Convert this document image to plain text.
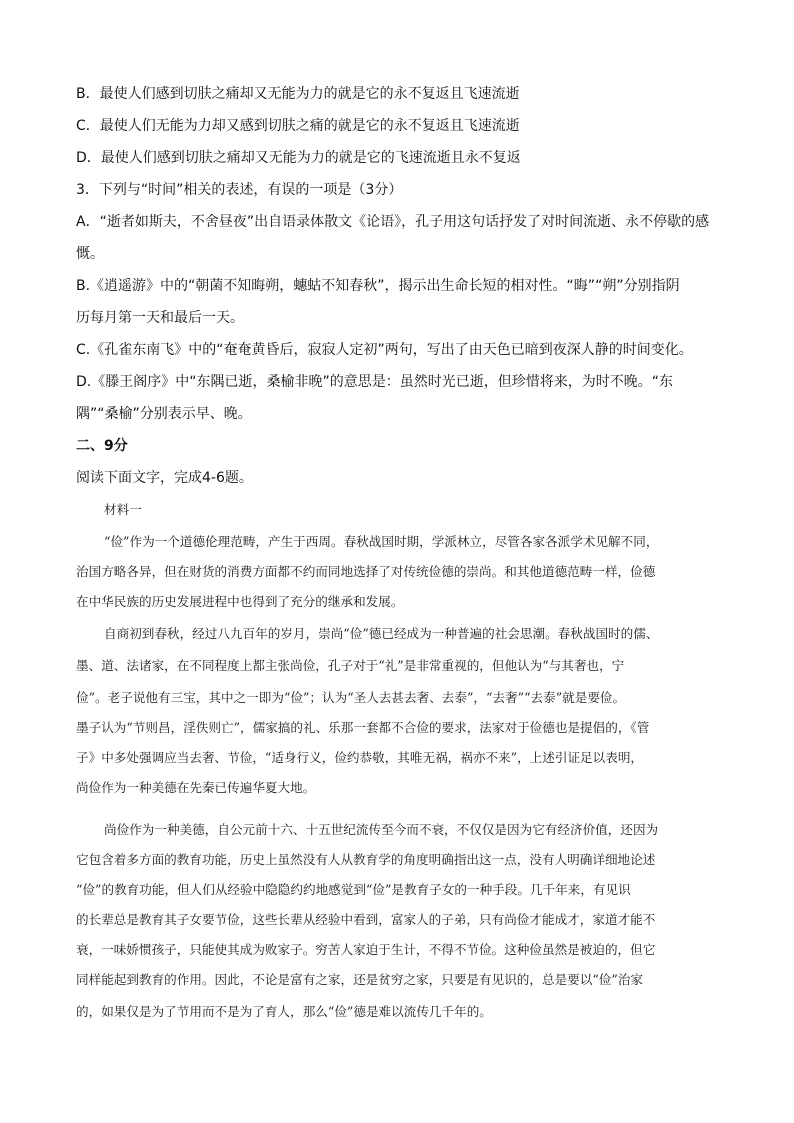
B．最使人们感到切肤之痛却又无能为力的就是它的永不复返且飞速流逝
C．最使人们无能为力却又感到切肤之痛的就是它的永不复返且飞速流逝
D．最使人们感到切肤之痛却又无能为力的就是它的飞速流逝且永不复返
3．下列与“时间”相关的表述，有误的一项是（3分）
A．“逝者如斯夫，不舍昼夜”出自语录体散文《论语》，孔子用这句话抒发了对时间流逝、永不停歇的感
慨。
B.《逍遥游》中的“朝菌不知晦朔，蟪蛄不知春秋”，揭示出生命长短的相对性。“晦”“朔”分别指阴
历每月第一天和最后一天。
C.《孔雀东南飞》中的“奄奄黄昏后，寂寂人定初”两句，写出了由天色已暗到夜深人静的时间变化。
D.《滕王阁序》中“东隅已逝，桑榆非晚”的意思是：虽然时光已逝，但珍惜将来，为时不晚。“东
隅”“桑榆”分别表示早、晚。
二、9分
阅读下面文字，完成4-6题。
材料一
“俭”作为一个道德伦理范畴，产生于西周。春秋战国时期，学派林立，尽管各家各派学术见解不同，
治国方略各异，但在财货的消费方面都不约而同地选择了对传统俭德的崇尚。和其他道德范畴一样，俭德
在中华民族的历史发展进程中也得到了充分的继承和发展。
自商初到春秋，经过八九百年的岁月，崇尚“俭”德已经成为一种普遍的社会思潮。春秋战国时的儒、
墨、道、法诸家，在不同程度上都主张尚俭，孔子对于“礼”是非常重视的，但他认为“与其奢也，宁
俭”。老子说他有三宝，其中之一即为“俭”；认为“圣人去甚去奢、去泰”，“去奢”“去泰”就是要俭。
墨子认为“节则昌，淫佚则亡”，儒家搞的礼、乐那一套都不合俭的要求，法家对于俭德也是提倡的，《管
子》中多处强调应当去奢、节俭，“适身行义，俭约恭敬，其唯无祸，祸亦不来”，上述引证足以表明，
尚俭作为一种美德在先秦已传遍华夏大地。
尚俭作为一种美德，自公元前十六、十五世纪流传至今而不衰，不仅仅是因为它有经济价值，还因为
它包含着多方面的教育功能，历史上虽然没有人从教育学的角度明确指出这一点，没有人明确详细地论述
“俭”的教育功能，但人们从经验中隐隐约约地感觉到“俭”是教育子女的一种手段。几千年来，有见识
的长辈总是教育其子女要节俭，这些长辈从经验中看到，富家人的子弟，只有尚俭才能成才，家道才能不
衰，一味娇惯孩子，只能使其成为败家子。穷苦人家迫于生计，不得不节俭。这种俭虽然是被迫的，但它
同样能起到教育的作用。因此，不论是富有之家，还是贫穷之家，只要是有见识的，总是要以“俭”治家
的，如果仅是为了节用而不是为了育人，那么“俭”德是难以流传几千年的。
